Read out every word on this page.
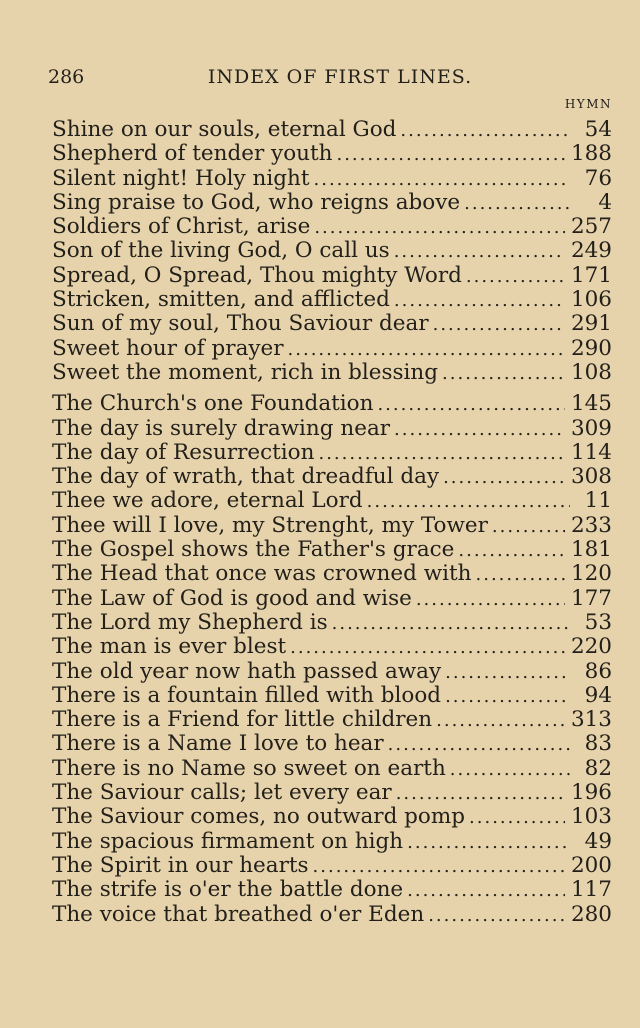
286	INDEX OF FIRST LINES.
HYMN
Shine on our souls, eternal God .....	54
Shepherd of tender youth .....	188
Silent night! Holy night .....	76
Sing praise to God, who reigns above .....	4
Soldiers of Christ, arise .....	257
Son of the living God, O call us .....	249
Spread, O Spread, Thou mighty Word .....	171
Stricken, smitten, and afflicted .....	106
Sun of my soul, Thou Saviour dear .....	291
Sweet hour of prayer .....	290
Sweet the moment, rich in blessing .....	108
The Church's one Foundation .....	145
The day is surely drawing near .....	309
The day of Resurrection .....	114
The day of wrath, that dreadful day .....	308
Thee we adore, eternal Lord .....	11
Thee will I love, my Strenght, my Tower .....	233
The Gospel shows the Father's grace .....	181
The Head that once was crowned with .....	120
The Law of God is good and wise .....	177
The Lord my Shepherd is .....	53
The man is ever blest .....	220
The old year now hath passed away .....	86
There is a fountain filled with blood .....	94
There is a Friend for little children .....	313
There is a Name I love to hear .....	83
There is no Name so sweet on earth .....	82
The Saviour calls; let every ear .....	196
The Saviour comes, no outward pomp .....	103
The spacious firmament on high .....	49
The Spirit in our hearts .....	200
The strife is o'er the battle done .....	117
The voice that breathed o'er Eden .....	280
